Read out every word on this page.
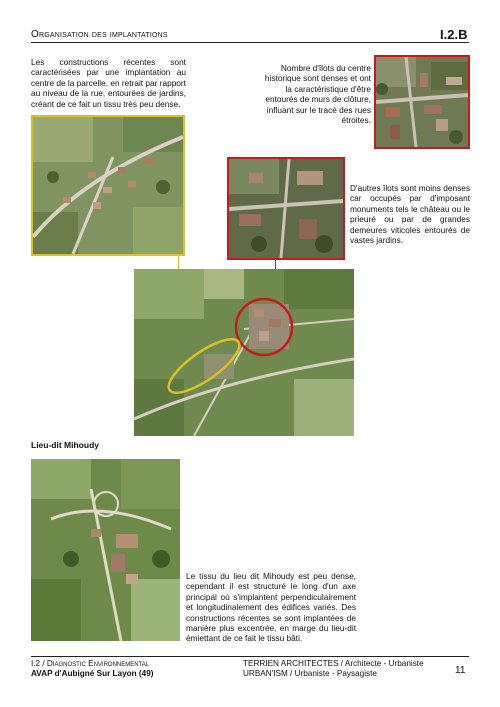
Organisation des implantations	I.2.B
Les constructions récentes sont caractérisées par une implantation au centre de la parcelle, en retrait par rapport au niveau de la rue, entourées de jardins, créant de ce fait un tissu très peu dense.
Nombre d'îlots du centre historique sont denses et ont la caractéristique d'être entourés de murs de clôture, influant sur le tracé des rues étroites.
D'autres îlots sont moins denses car occupés par d'imposant monuments tels le château ou le prieuré ou par de grandes demeures viticoles entourés de vastes jardins.
Lieu-dit Mihoudy
Le tissu du lieu dit Mihoudy est peu dense, cependant il est structuré le long d'un axe principal où s'implantent perpendiculairement et longitudinalement des édifices variés. Des constructions récentes se sont implantées de manière plus excentrée, en marge du lieu-dit émiettant de ce fait le tissu bâti.
I.2 / Diagnostic Environnemental
AVAP d'Aubigné Sur Layon (49)
TERRIEN ARCHITECTES / Architecte - Urbaniste
URBAN'ISM / Urbaniste - Paysagiste	11
